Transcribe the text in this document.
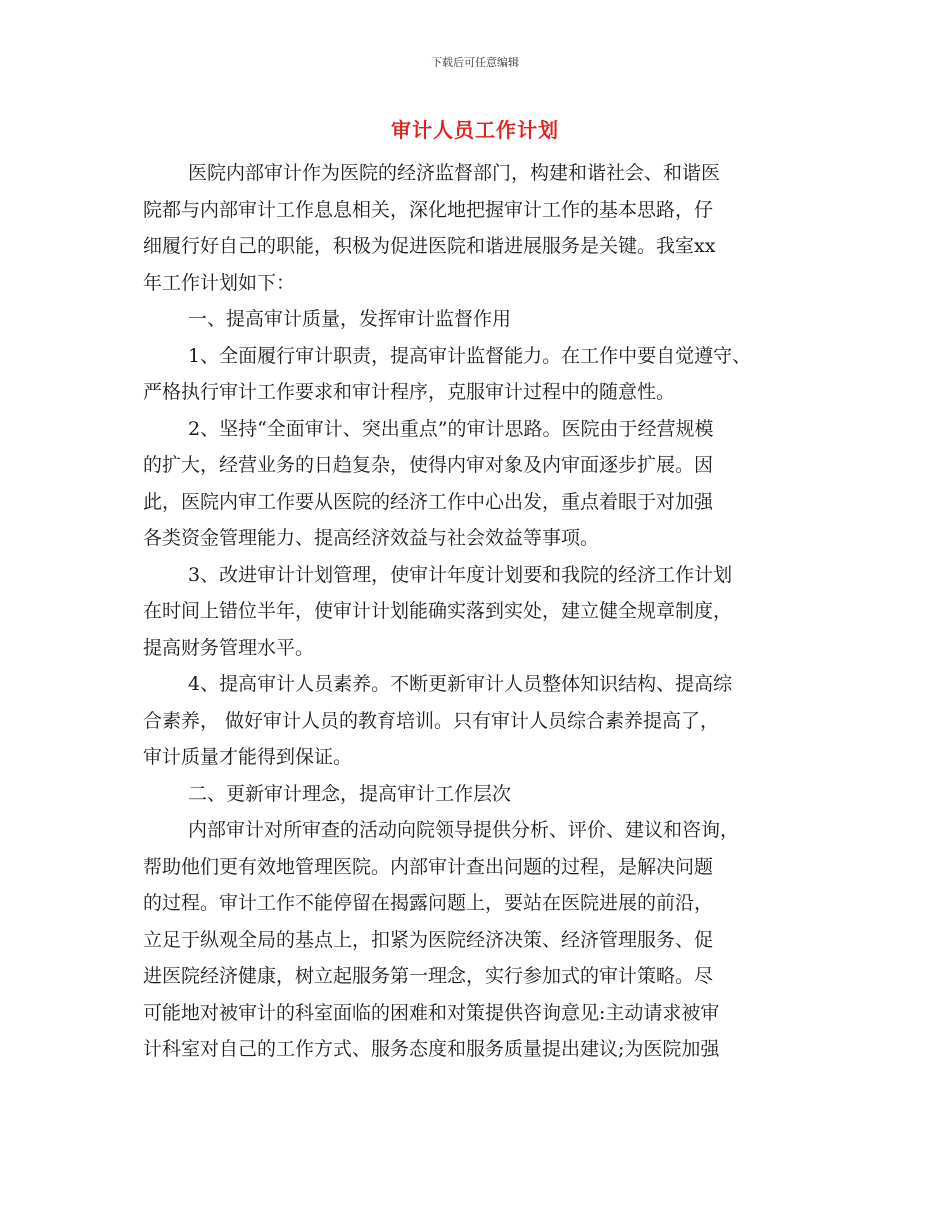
下载后可任意编辑
审计人员工作计划
医院内部审计作为医院的经济监督部门，构建和谐社会、和谐医
院都与内部审计工作息息相关，深化地把握审计工作的基本思路，仔
细履行好自己的职能，积极为促进医院和谐进展服务是关键。我室xx
年工作计划如下：
一、提高审计质量，发挥审计监督作用
1、全面履行审计职责，提高审计监督能力。在工作中要自觉遵守、
严格执行审计工作要求和审计程序，克服审计过程中的随意性。
2、坚持“全面审计、突出重点”的审计思路。医院由于经营规模
的扩大，经营业务的日趋复杂，使得内审对象及内审面逐步扩展。因
此，医院内审工作要从医院的经济工作中心出发，重点着眼于对加强
各类资金管理能力、提高经济效益与社会效益等事项。
3、改进审计计划管理，使审计年度计划要和我院的经济工作计划
在时间上错位半年，使审计计划能确实落到实处，建立健全规章制度，
提高财务管理水平。
4、提高审计人员素养。不断更新审计人员整体知识结构、提高综
合素养， 做好审计人员的教育培训。只有审计人员综合素养提高了，
审计质量才能得到保证。
二、更新审计理念，提高审计工作层次
内部审计对所审查的活动向院领导提供分析、评价、建议和咨询，
帮助他们更有效地管理医院。内部审计查出问题的过程，是解决问题
的过程。审计工作不能停留在揭露问题上，要站在医院进展的前沿，
立足于纵观全局的基点上，扣紧为医院经济决策、经济管理服务、促
进医院经济健康，树立起服务第一理念，实行参加式的审计策略。尽
可能地对被审计的科室面临的困难和对策提供咨询意见:主动请求被审
计科室对自己的工作方式、服务态度和服务质量提出建议;为医院加强
